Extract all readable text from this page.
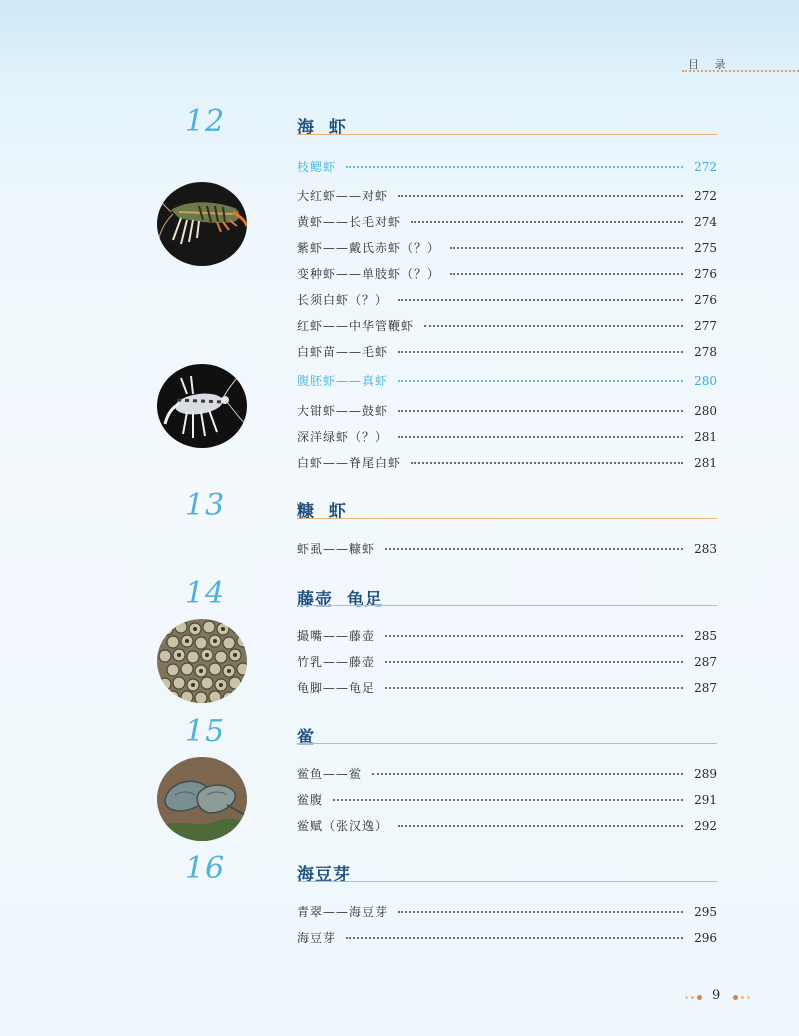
目 录
12	海  虾
枝鳃虾	272
大红虾——对虾	272
黄虾——长毛对虾	274
紫虾——戴氏赤虾（？）	275
变种虾——单肢虾（？）	276
长须白虾（？）	276
红虾——中华管鞭虾	277
白虾苗——毛虾	278
腹胚虾——真虾	280
大钳虾——鼓虾	280
深洋绿虾（？）	281
白虾——脊尾白虾	281
13	糠  虾
虾虱——糠虾	283
14	藤壶  龟足
撮嘴——藤壶	285
竹乳——藤壶	287
龟脚——龟足	287
15	鲎
鲎鱼——鲎	289
鲎腹	291
鲎赋（张汉逸）	292
16	海豆芽
青翠——海豆芽	295
海豆芽	296
9
